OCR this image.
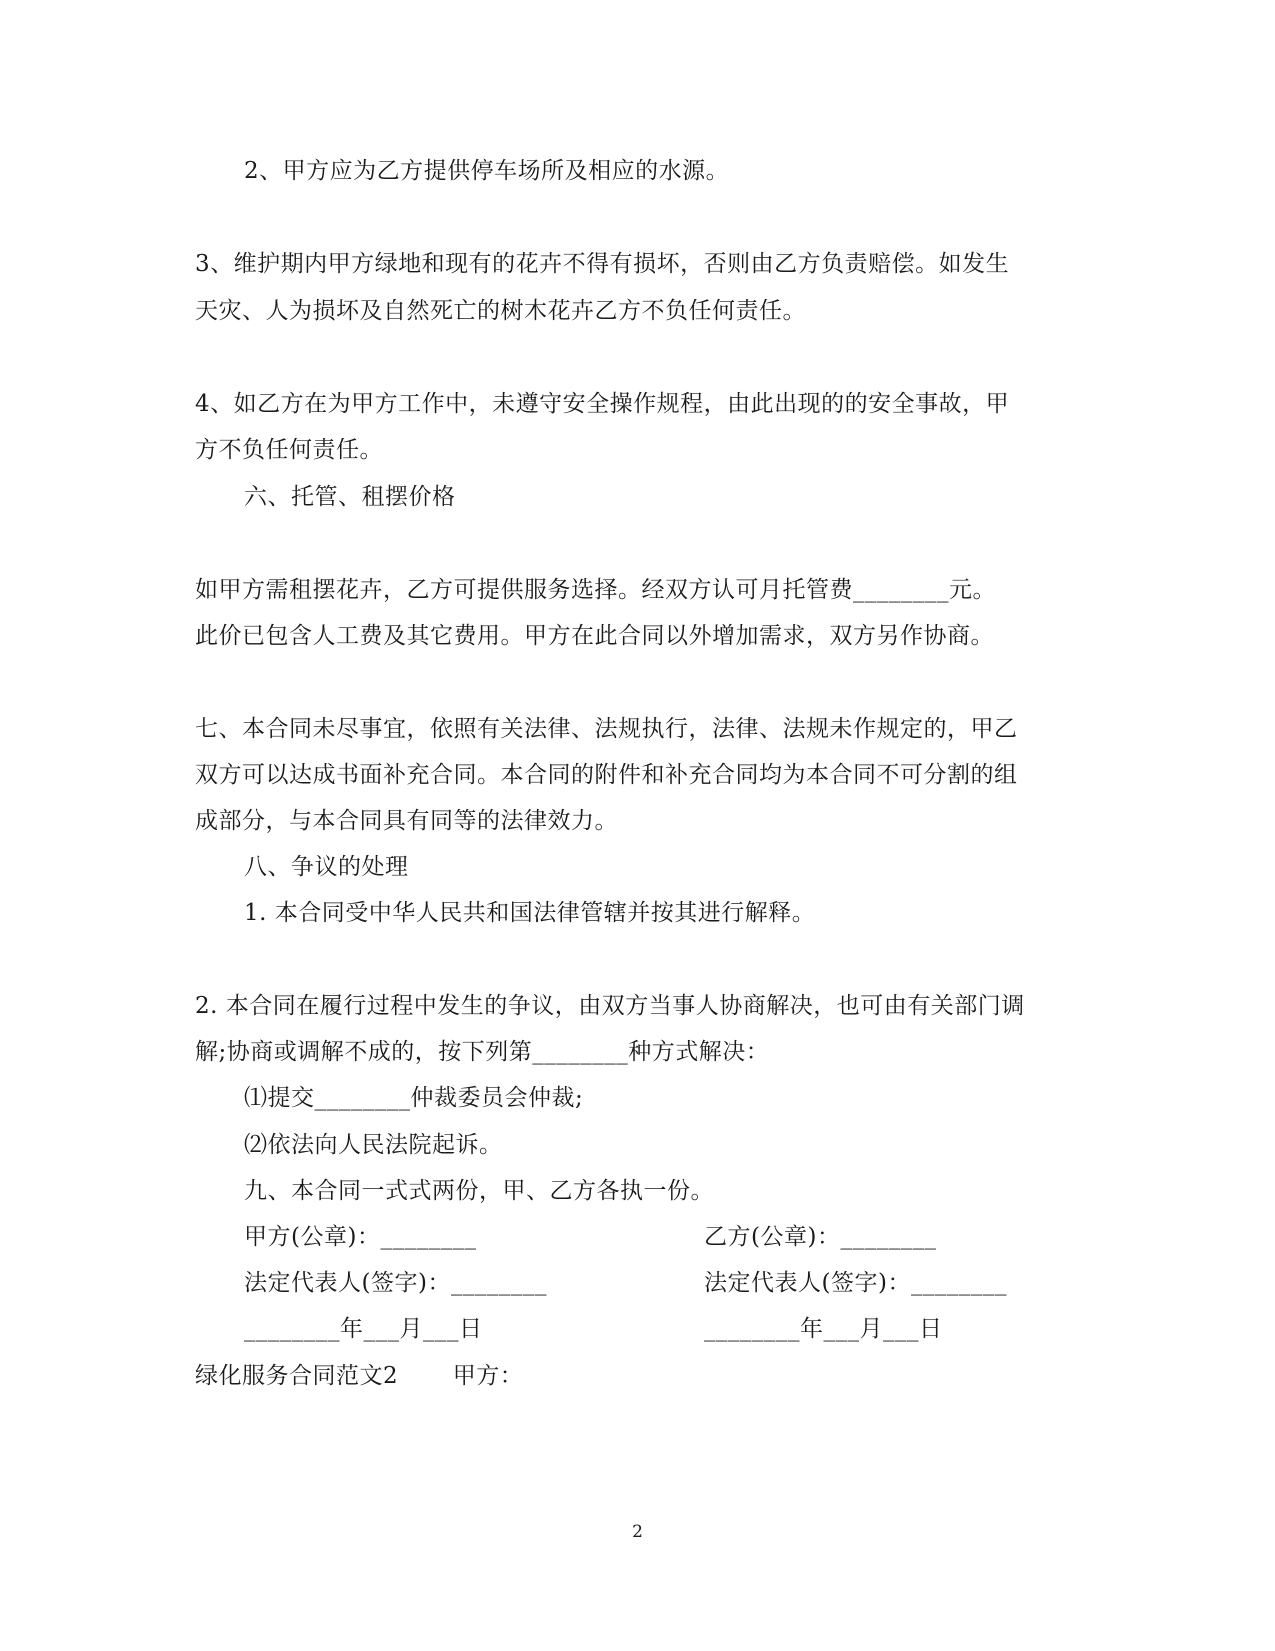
2、甲方应为乙方提供停车场所及相应的水源。
3、维护期内甲方绿地和现有的花卉不得有损坏，否则由乙方负责赔偿。如发生
天灾、人为损坏及自然死亡的树木花卉乙方不负任何责任。
4、如乙方在为甲方工作中，未遵守安全操作规程，由此出现的的安全事故，甲
方不负任何责任。
六、托管、租摆价格
如甲方需租摆花卉，乙方可提供服务选择。经双方认可月托管费________元。
此价已包含人工费及其它费用。甲方在此合同以外增加需求，双方另作协商。
七、本合同未尽事宜，依照有关法律、法规执行，法律、法规未作规定的，甲乙
双方可以达成书面补充合同。本合同的附件和补充合同均为本合同不可分割的组
成部分，与本合同具有同等的法律效力。
八、争议的处理
1. 本合同受中华人民共和国法律管辖并按其进行解释。
2. 本合同在履行过程中发生的争议，由双方当事人协商解决，也可由有关部门调
解;协商或调解不成的，按下列第________种方式解决：
⑴提交________仲裁委员会仲裁;
⑵依法向人民法院起诉。
九、本合同一式式两份，甲、乙方各执一份。
甲方(公章)：________	乙方(公章)：________
法定代表人(签字)：________	法定代表人(签字)：________
________年___月___日	________年___月___日
绿化服务合同范文2       甲方：
2
